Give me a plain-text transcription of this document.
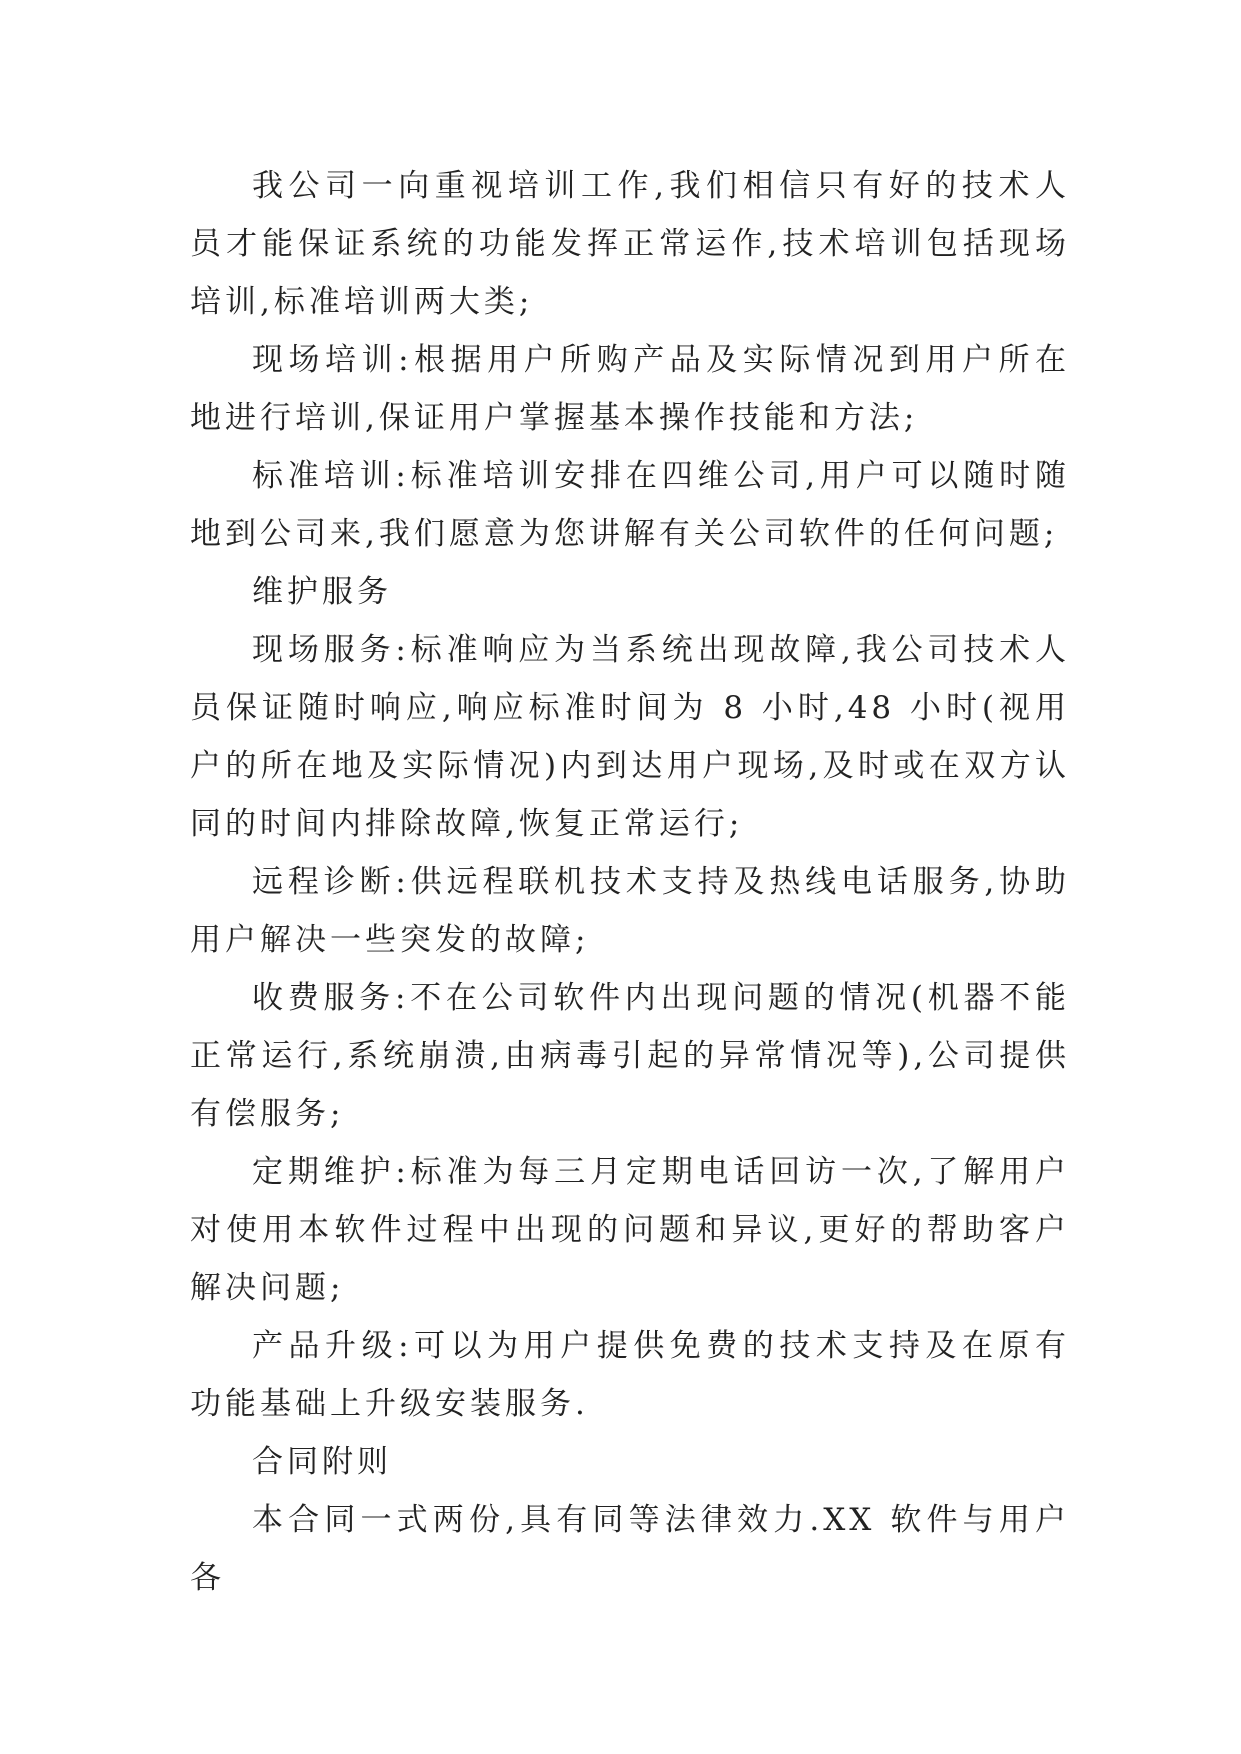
我公司一向重视培训工作,我们相信只有好的技术人员才能保证系统的功能发挥正常运作,技术培训包括现场培训,标准培训两大类;

现场培训:根据用户所购产品及实际情况到用户所在地进行培训,保证用户掌握基本操作技能和方法;

标准培训:标准培训安排在四维公司,用户可以随时随地到公司来,我们愿意为您讲解有关公司软件的任何问题;

维护服务

现场服务:标准响应为当系统出现故障,我公司技术人员保证随时响应,响应标准时间为 8 小时,48 小时(视用户的所在地及实际情况)内到达用户现场,及时或在双方认同的时间内排除故障,恢复正常运行;

远程诊断:供远程联机技术支持及热线电话服务,协助用户解决一些突发的故障;

收费服务:不在公司软件内出现问题的情况(机器不能正常运行,系统崩溃,由病毒引起的异常情况等),公司提供有偿服务;

定期维护:标准为每三月定期电话回访一次,了解用户对使用本软件过程中出现的问题和异议,更好的帮助客户解决问题;

产品升级:可以为用户提供免费的技术支持及在原有功能基础上升级安装服务.

合同附则

本合同一式两份,具有同等法律效力.XX 软件与用户各
